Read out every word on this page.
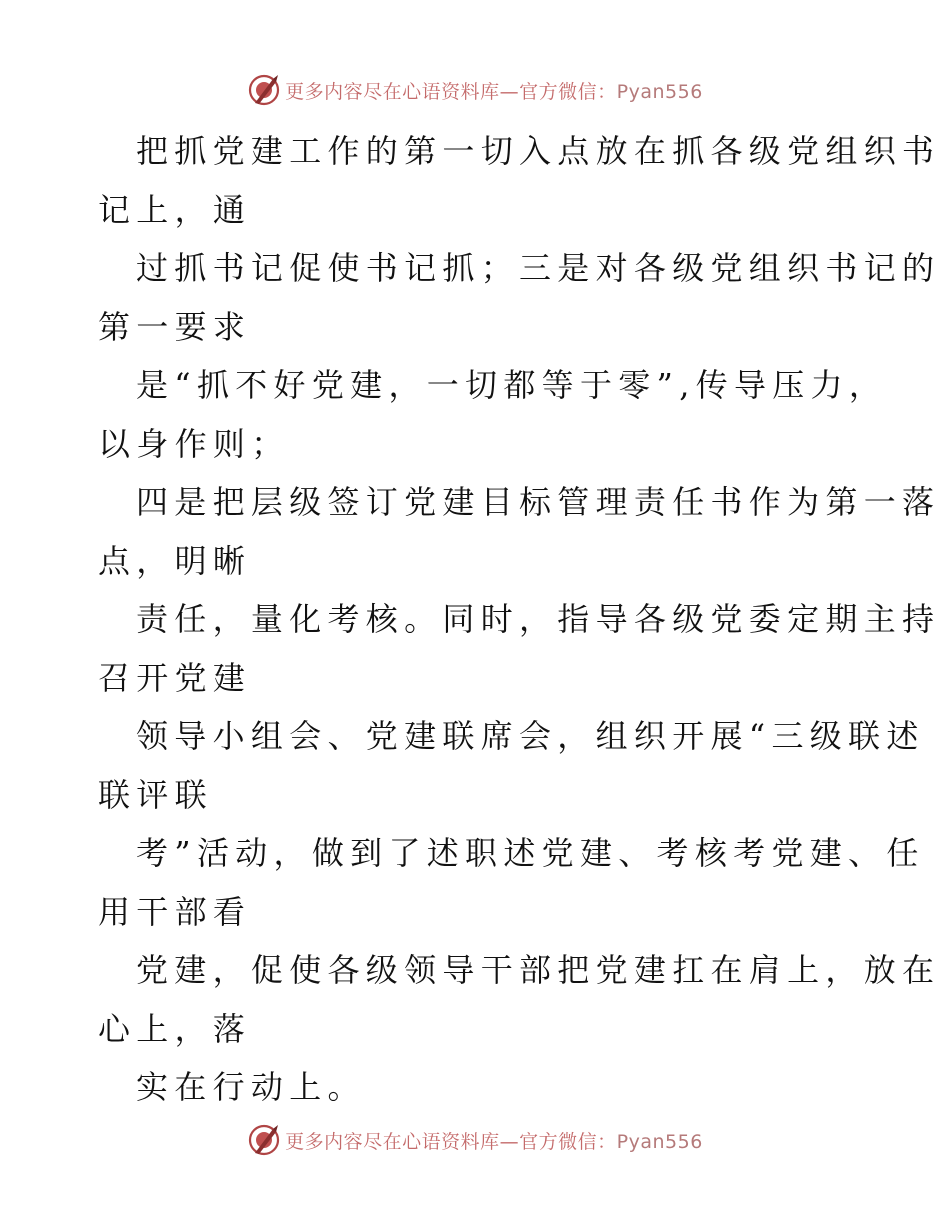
更多内容尽在心语资料库—官方微信：Pyan556
把抓党建工作的第一切入点放在抓各级党组织书
记上，通
过抓书记促使书记抓；三是对各级党组织书记的
第一要求
是“抓不好党建，一切都等于零”,传导压力，
以身作则；
四是把层级签订党建目标管理责任书作为第一落
点，明晰
责任，量化考核。同时，指导各级党委定期主持
召开党建
领导小组会、党建联席会，组织开展“三级联述
联评联
考”活动，做到了述职述党建、考核考党建、任
用干部看
党建，促使各级领导干部把党建扛在肩上，放在
心上，落
实在行动上。
更多内容尽在心语资料库—官方微信：Pyan556
